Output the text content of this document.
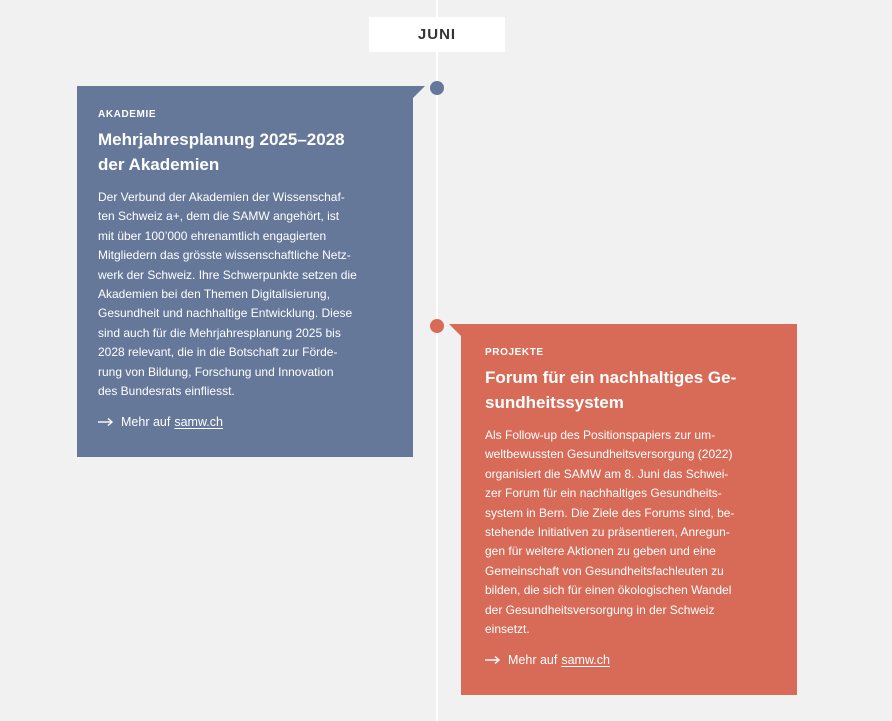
JUNI
AKADEMIE
Mehrjahresplanung 2025–2028
der Akademien
Der Verbund der Akademien der Wissenschaf-
ten Schweiz a+, dem die SAMW angehört, ist
mit über 100’000 ehrenamtlich engagierten
Mitgliedern das grösste wissenschaftliche Netz-
werk der Schweiz. Ihre Schwerpunkte setzen die
Akademien bei den Themen Digitalisierung,
Gesundheit und nachhaltige Entwicklung. Diese
sind auch für die Mehrjahresplanung 2025 bis
2028 relevant, die in die Botschaft zur Förde-
rung von Bildung, Forschung und Innovation
des Bundesrats einfliesst.
Mehr auf samw.ch
PROJEKTE
Forum für ein nachhaltiges Ge-
sundheitssystem
Als Follow-up des Positionspapiers zur um-
weltbewussten Gesundheitsversorgung (2022)
organisiert die SAMW am 8. Juni das Schwei-
zer Forum für ein nachhaltiges Gesundheits-
system in Bern. Die Ziele des Forums sind, be-
stehende Initiativen zu präsentieren, Anregun-
gen für weitere Aktionen zu geben und eine
Gemeinschaft von Gesundheitsfachleuten zu
bilden, die sich für einen ökologischen Wandel
der Gesundheitsversorgung in der Schweiz
einsetzt.
Mehr auf samw.ch
